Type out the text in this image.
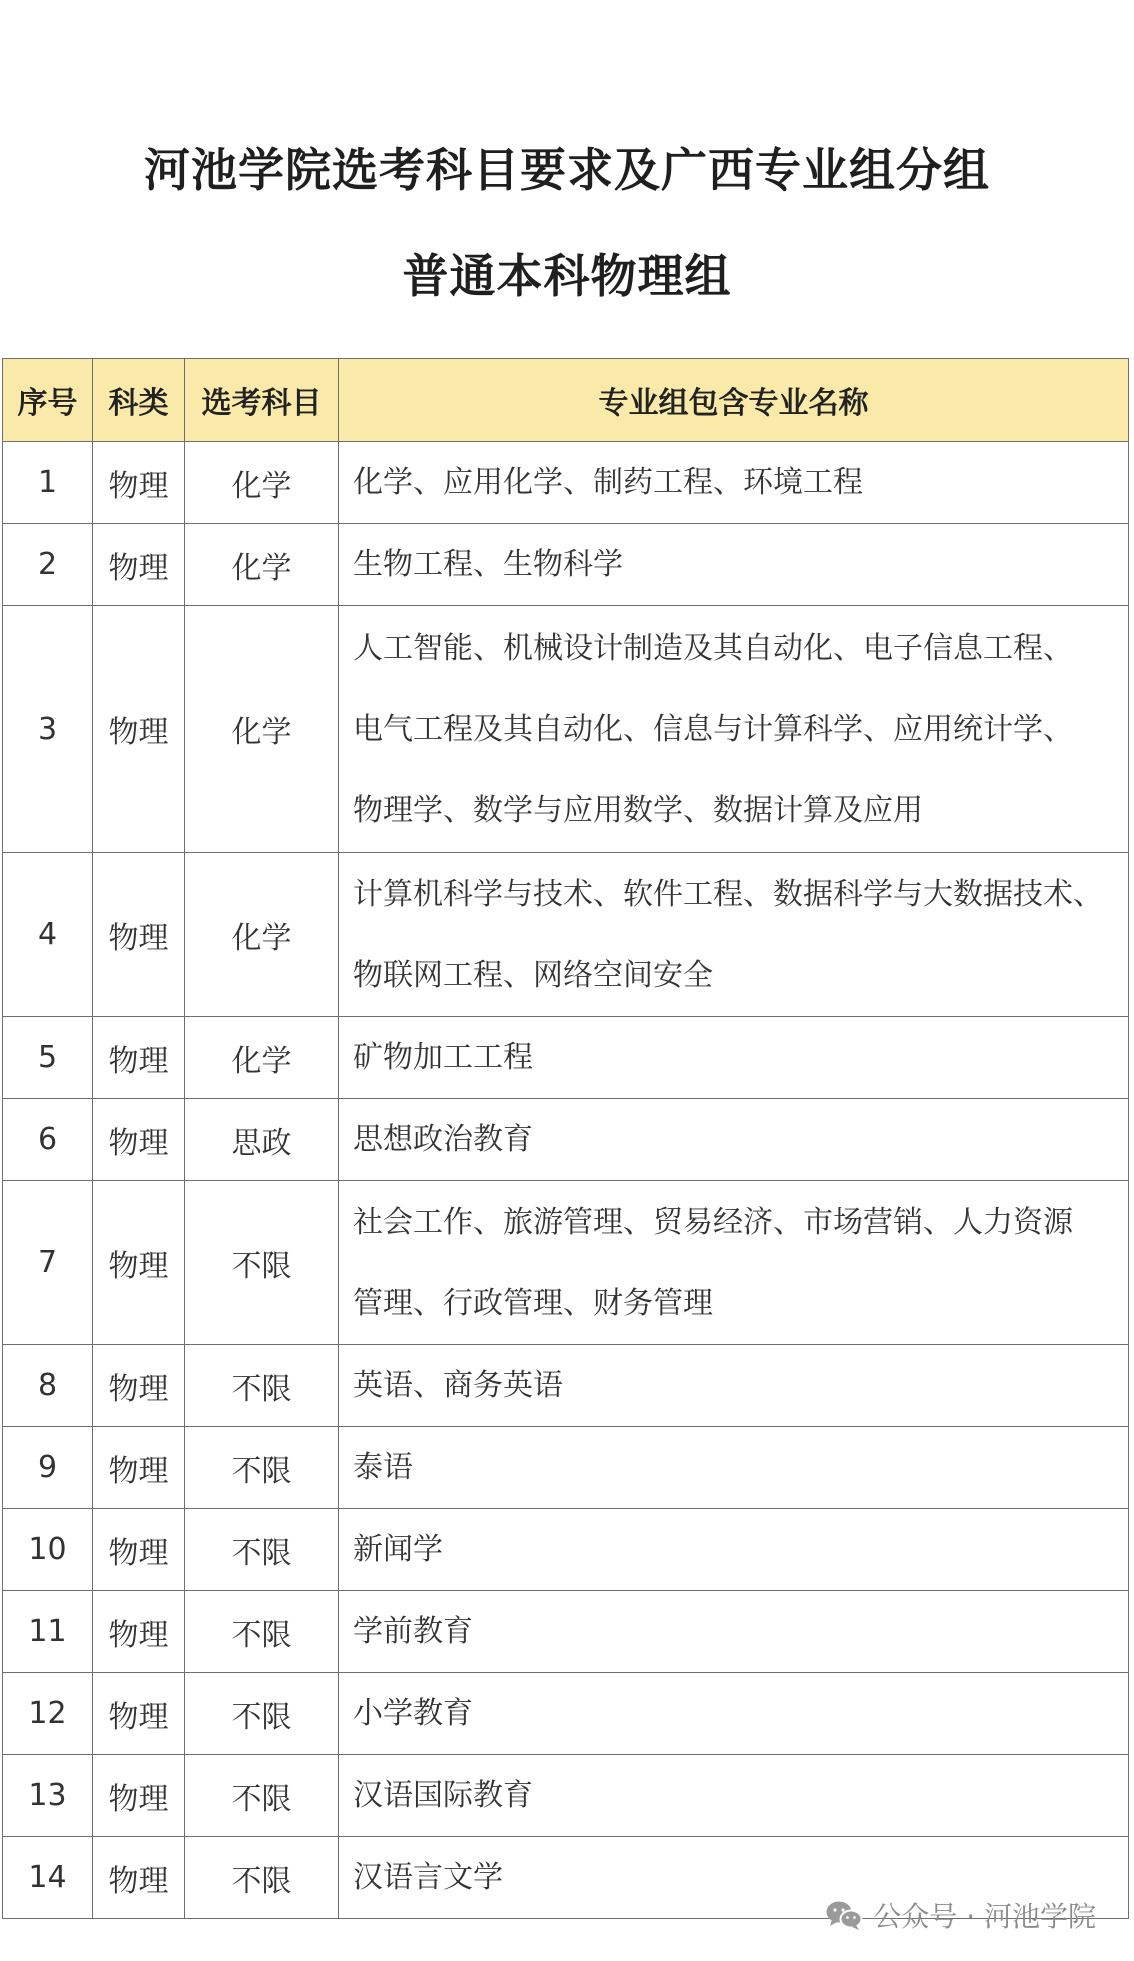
河池学院选考科目要求及广西专业组分组
普通本科物理组
序号	科类	选考科目	专业组包含专业名称
1	物理	化学	化学、应用化学、制药工程、环境工程

2	物理	化学	生物工程、生物科学

3	物理	化学	人工智能、机械设计制造及其自动化、电子信息工程、
电气工程及其自动化、信息与计算科学、应用统计学、
物理学、数学与应用数学、数据计算及应用

4	物理	化学	计算机科学与技术、软件工程、数据科学与大数据技术、
物联网工程、网络空间安全

5	物理	化学	矿物加工工程

6	物理	思政	思想政治教育

7	物理	不限	社会工作、旅游管理、贸易经济、市场营销、人力资源
管理、行政管理、财务管理

8	物理	不限	英语、商务英语

9	物理	不限	泰语

10	物理	不限	新闻学

11	物理	不限	学前教育

12	物理	不限	小学教育

13	物理	不限	汉语国际教育

14	物理	不限	汉语言文学
公众号 · 河池学院
